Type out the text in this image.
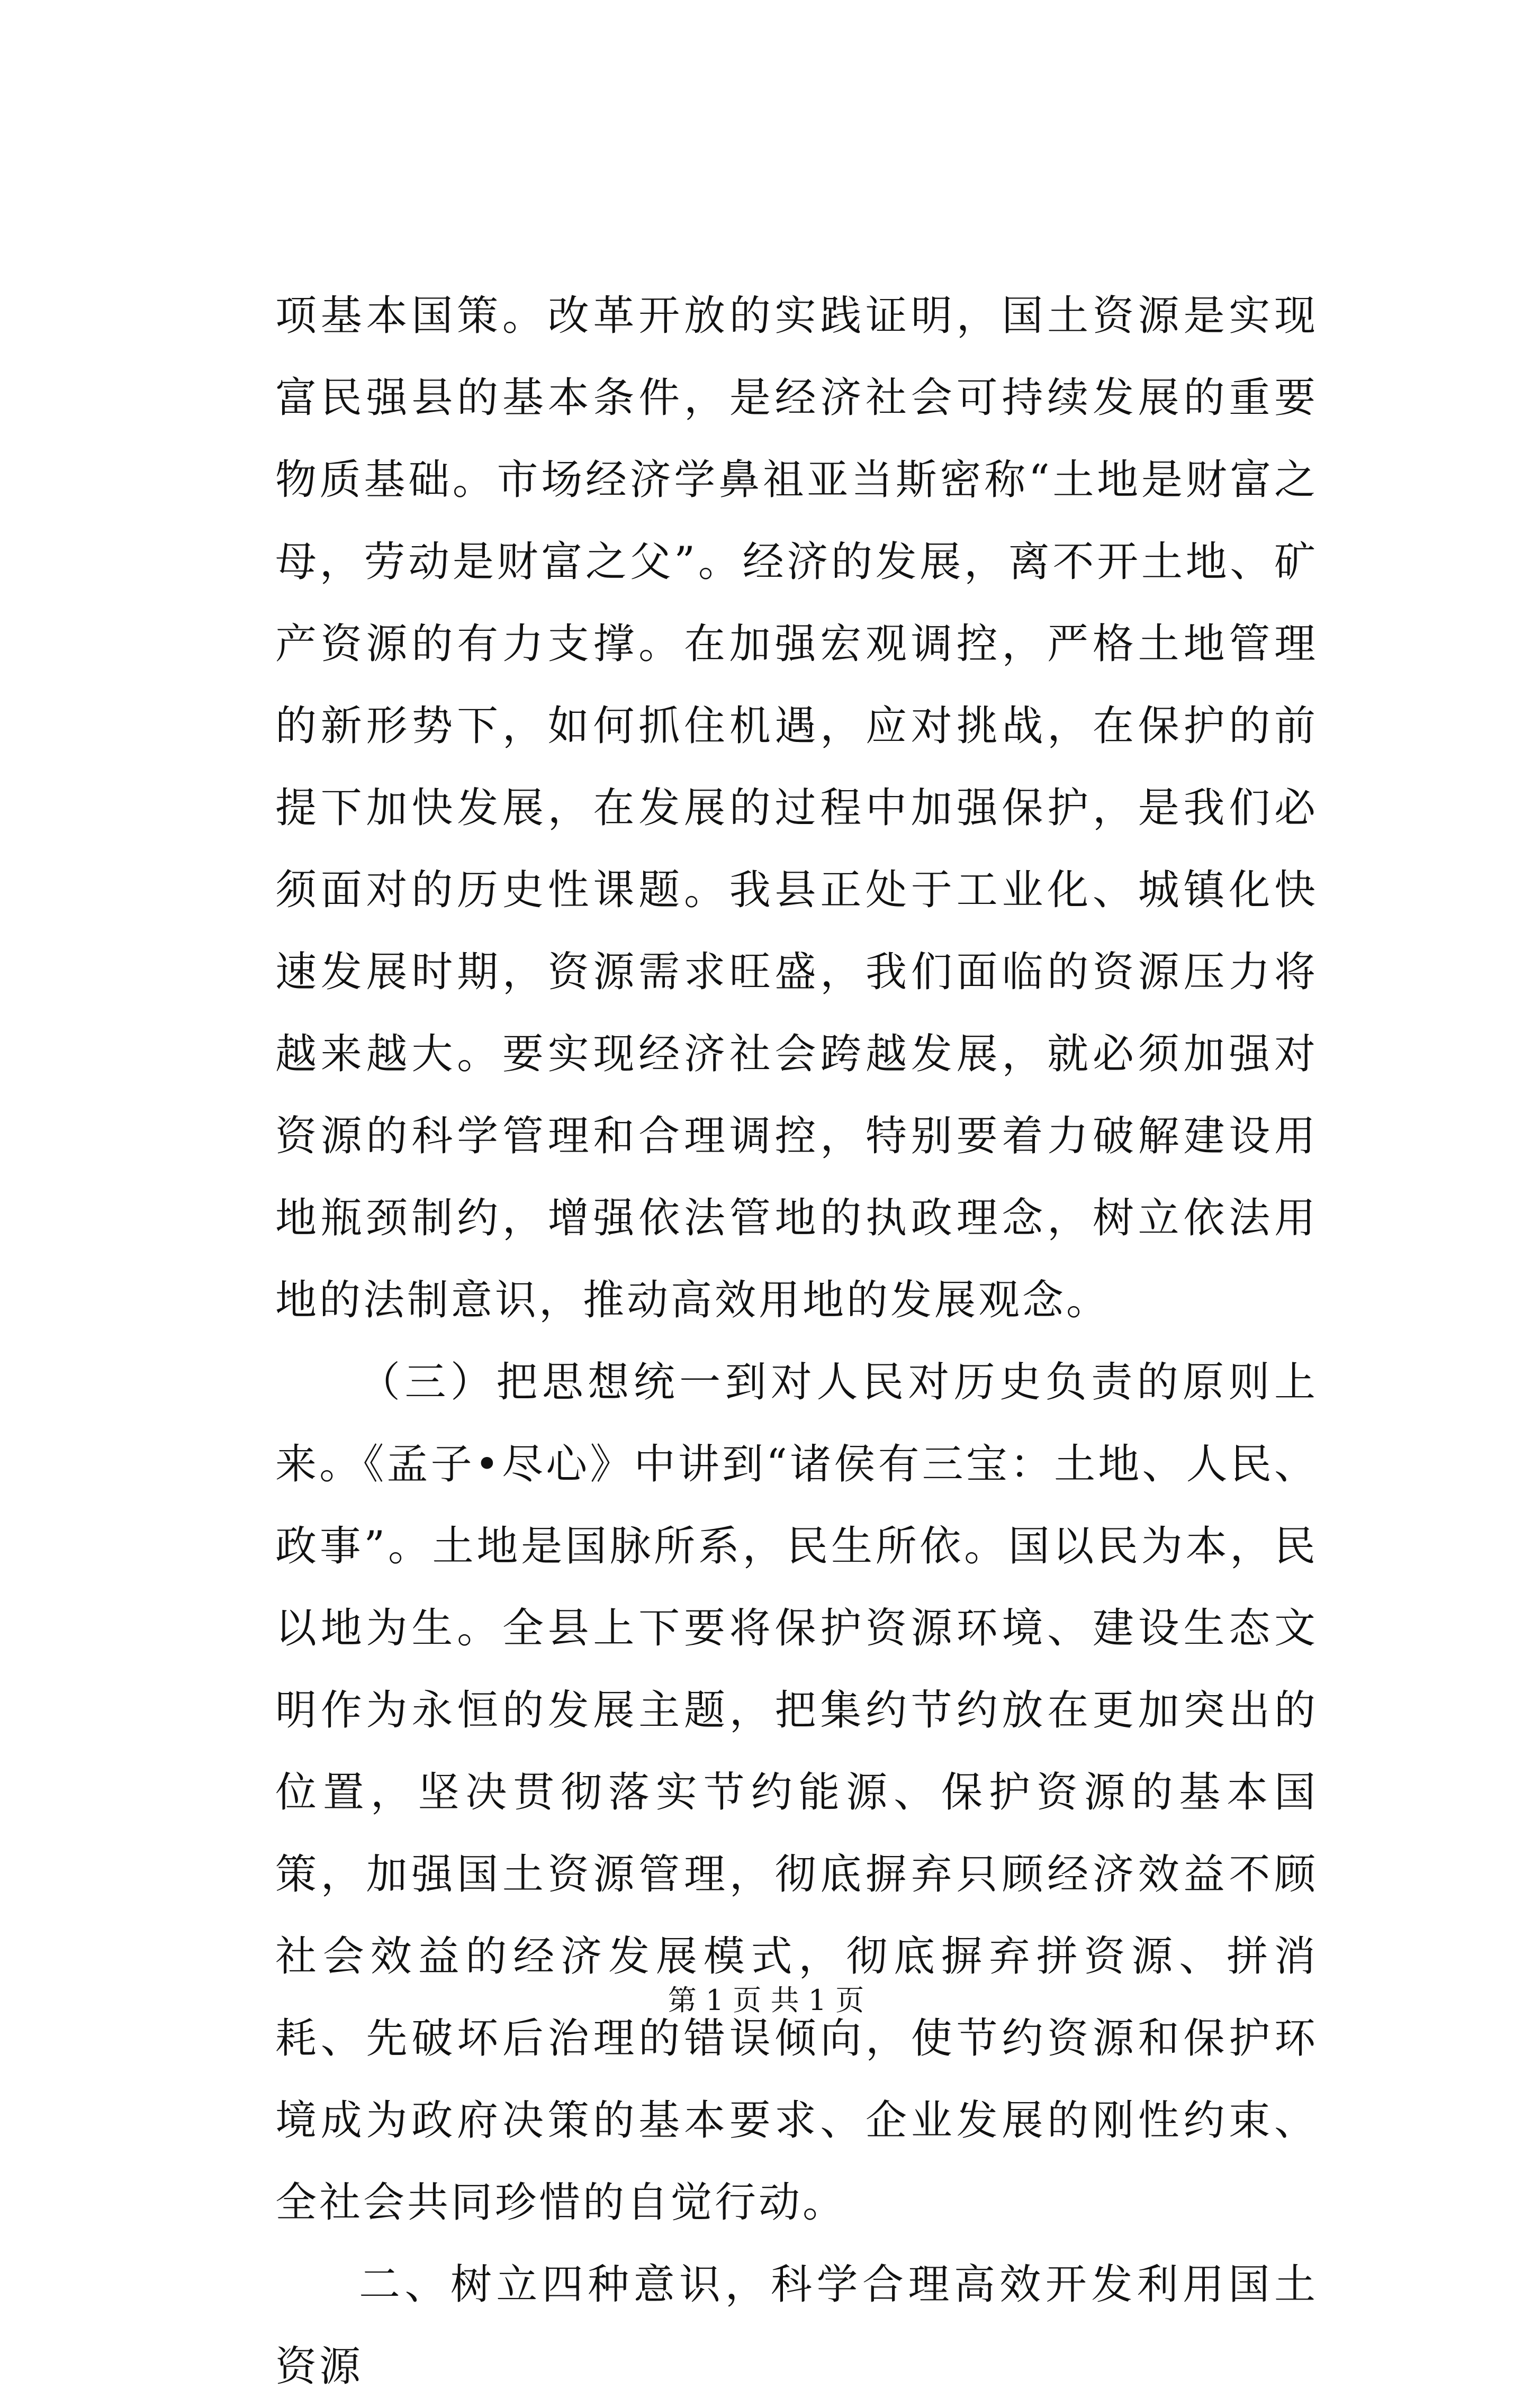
项基本国策。改革开放的实践证明，国土资源是实现富民强县的基本条件，是经济社会可持续发展的重要物质基础。市场经济学鼻祖亚当斯密称“土地是财富之母，劳动是财富之父”。经济的发展，离不开土地、矿产资源的有力支撑。在加强宏观调控，严格土地管理的新形势下，如何抓住机遇，应对挑战，在保护的前提下加快发展，在发展的过程中加强保护，是我们必须面对的历史性课题。我县正处于工业化、城镇化快速发展时期，资源需求旺盛，我们面临的资源压力将越来越大。要实现经济社会跨越发展，就必须加强对资源的科学管理和合理调控，特别要着力破解建设用地瓶颈制约，增强依法管地的执政理念，树立依法用地的法制意识，推动高效用地的发展观念。

（三）把思想统一到对人民对历史负责的原则上来。《孟子•尽心》中讲到“诸侯有三宝：土地、人民、政事”。土地是国脉所系，民生所依。国以民为本，民以地为生。全县上下要将保护资源环境、建设生态文明作为永恒的发展主题，把集约节约放在更加突出的位置，坚决贯彻落实节约能源、保护资源的基本国策，加强国土资源管理，彻底摒弃只顾经济效益不顾社会效益的经济发展模式，彻底摒弃拼资源、拼消耗、先破坏后治理的错误倾向，使节约资源和保护环境成为政府决策的基本要求、企业发展的刚性约束、全社会共同珍惜的自觉行动。

二、树立四种意识，科学合理高效开发利用国土资源

第 1 页 共 1 页
